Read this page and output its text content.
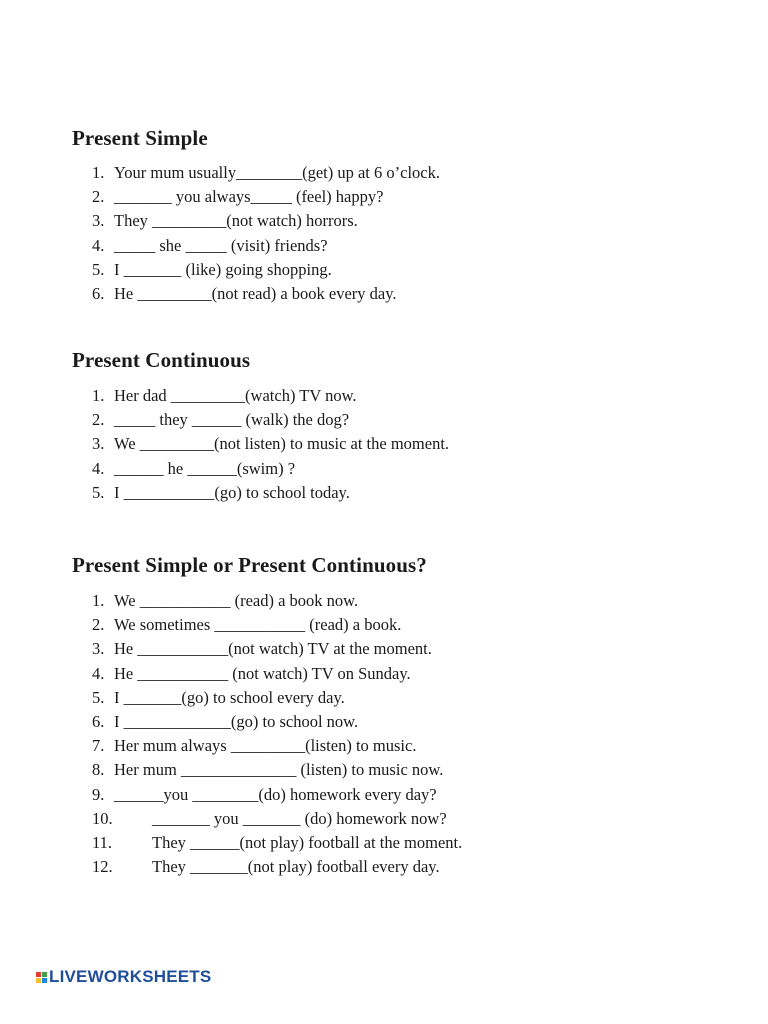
Present Simple
1. Your mum usually________(get) up at 6 o’clock.
2. _______ you always_____ (feel) happy?
3. They _________(not watch) horrors.
4. _____ she _____ (visit) friends?
5. I _______ (like) going shopping.
6. He _________(not read) a book every day.
Present Continuous
1. Her dad _________(watch) TV now.
2. _____ they ______ (walk) the dog?
3. We _________(not listen) to music at the moment.
4. ______ he ______(swim) ?
5. I ___________(go) to school today.
Present Simple or Present Continuous?
1. We ___________ (read) a book now.
2. We sometimes ___________ (read) a book.
3. He ___________(not watch) TV at the moment.
4. He ___________ (not watch) TV on Sunday.
5. I _______(go) to school every day.
6. I _____________(go) to school now.
7. Her mum always _________(listen) to music.
8. Her mum ______________ (listen) to music now.
9. ______you ________(do) homework every day?
10. _______ you _______ (do) homework now?
11. They ______(not play) football at the moment.
12. They _______(not play) football every day.
LIVEWORKSHEETS
